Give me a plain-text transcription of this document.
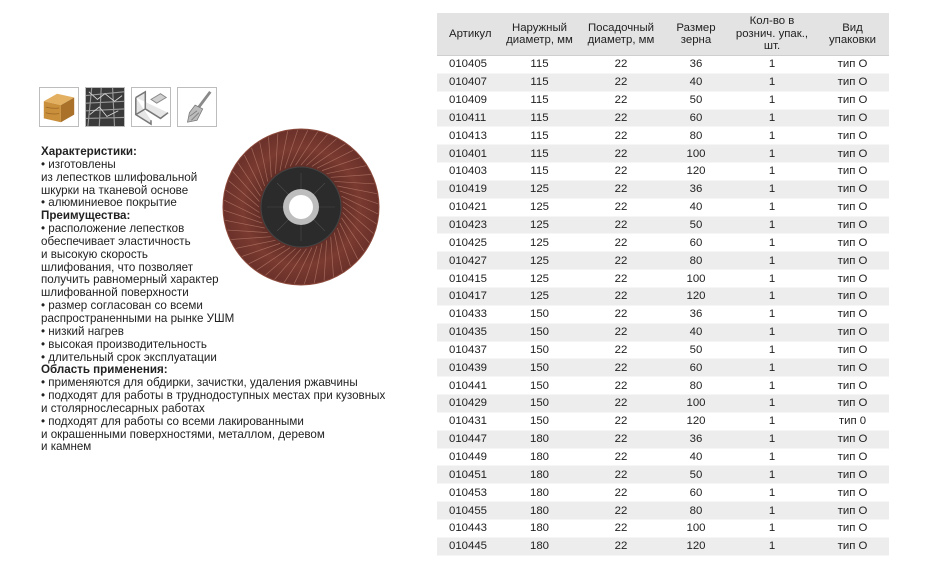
Характеристики:
• изготовлены
из лепестков шлифовальной
шкурки на тканевой основе
• алюминиевое покрытие
Преимущества:
• расположение лепестков
обеспечивает эластичность
и высокую скорость
шлифования, что позволяет
получить равномерный характер
шлифованной поверхности
• размер согласован со всеми
распространенными на рынке УШМ
• низкий нагрев
• высокая производительность
• длительный срок эксплуатации
Область применения:
• применяются для обдирки, зачистки, удаления ржавчины
• подходят для работы в труднодоступных местах при кузовных
и столярнослесарных работах
• подходят для работы со всеми лакированными
и окрашенными поверхностями, металлом, деревом
и камнем
Артикул	Наружный диаметр, мм	Посадочный диаметр, мм	Размер зерна	Кол-во в рознич. упак., шт.	Вид упаковки
010405	115	22	36	1	тип О
010407	115	22	40	1	тип О
010409	115	22	50	1	тип О
010411	115	22	60	1	тип О
010413	115	22	80	1	тип О
010401	115	22	100	1	тип О
010403	115	22	120	1	тип О
010419	125	22	36	1	тип О
010421	125	22	40	1	тип О
010423	125	22	50	1	тип О
010425	125	22	60	1	тип О
010427	125	22	80	1	тип О
010415	125	22	100	1	тип О
010417	125	22	120	1	тип О
010433	150	22	36	1	тип О
010435	150	22	40	1	тип О
010437	150	22	50	1	тип О
010439	150	22	60	1	тип О
010441	150	22	80	1	тип О
010429	150	22	100	1	тип О
010431	150	22	120	1	тип 0
010447	180	22	36	1	тип О
010449	180	22	40	1	тип О
010451	180	22	50	1	тип О
010453	180	22	60	1	тип О
010455	180	22	80	1	тип О
010443	180	22	100	1	тип О
010445	180	22	120	1	тип О
